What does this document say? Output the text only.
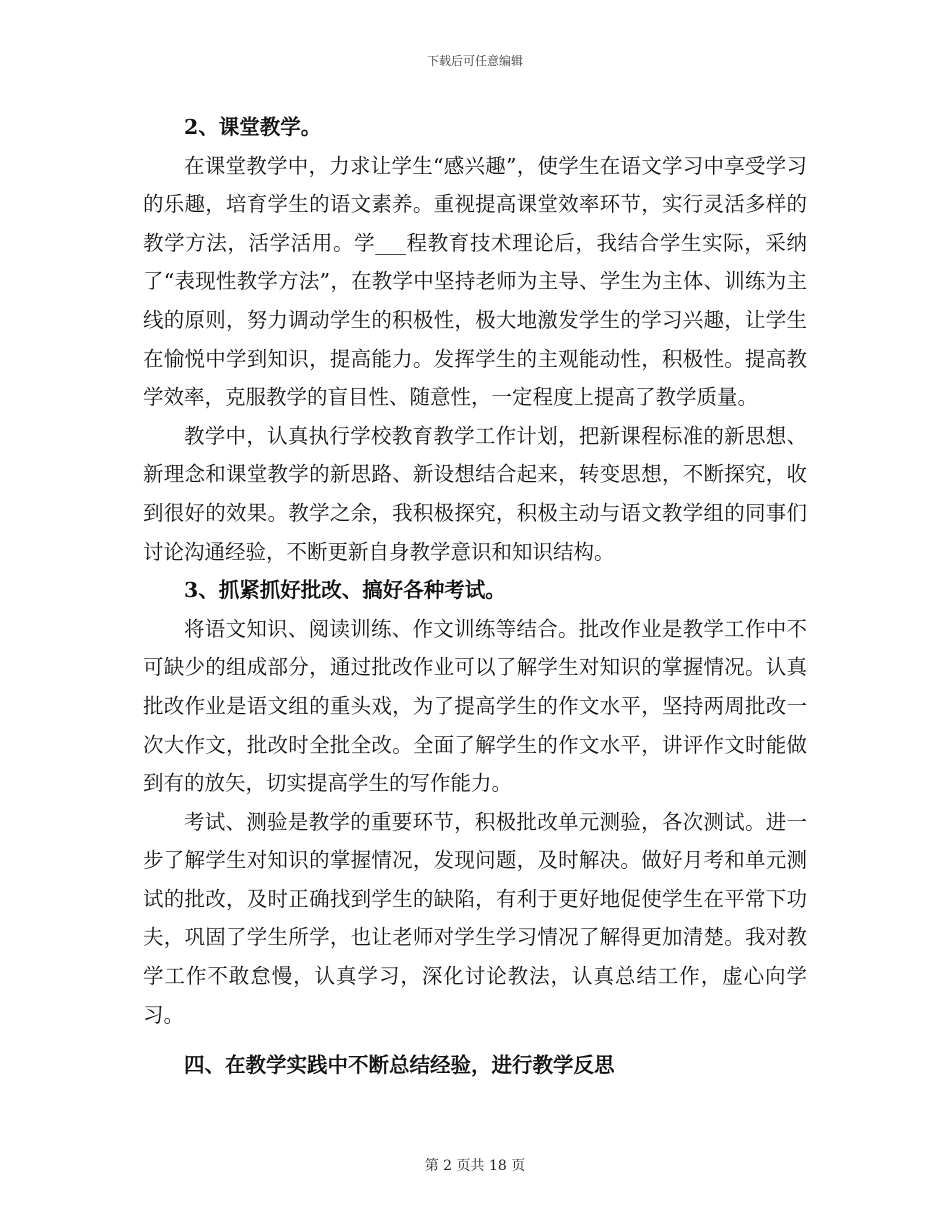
下载后可任意编辑
2、课堂教学。

在课堂教学中，力求让学生“感兴趣”，使学生在语文学习中享受学习的乐趣，培育学生的语文素养。重视提高课堂效率环节，实行灵活多样的教学方法，活学活用。学___程教育技术理论后，我结合学生实际，采纳了“表现性教学方法”，在教学中坚持老师为主导、学生为主体、训练为主线的原则，努力调动学生的积极性，极大地激发学生的学习兴趣，让学生在愉悦中学到知识，提高能力。发挥学生的主观能动性，积极性。提高教学效率，克服教学的盲目性、随意性，一定程度上提高了教学质量。

教学中，认真执行学校教育教学工作计划，把新课程标准的新思想、新理念和课堂教学的新思路、新设想结合起来，转变思想，不断探究，收到很好的效果。教学之余，我积极探究，积极主动与语文教学组的同事们讨论沟通经验，不断更新自身教学意识和知识结构。

3、抓紧抓好批改、搞好各种考试。

将语文知识、阅读训练、作文训练等结合。批改作业是教学工作中不可缺少的组成部分，通过批改作业可以了解学生对知识的掌握情况。认真批改作业是语文组的重头戏，为了提高学生的作文水平，坚持两周批改一次大作文，批改时全批全改。全面了解学生的作文水平，讲评作文时能做到有的放矢，切实提高学生的写作能力。

考试、测验是教学的重要环节，积极批改单元测验，各次测试。进一步了解学生对知识的掌握情况，发现问题，及时解决。做好月考和单元测试的批改，及时正确找到学生的缺陷，有利于更好地促使学生在平常下功夫，巩固了学生所学，也让老师对学生学习情况了解得更加清楚。我对教学工作不敢怠慢，认真学习，深化讨论教法，认真总结工作，虚心向学习。

四、在教学实践中不断总结经验，进行教学反思
第 2 页共 18 页
